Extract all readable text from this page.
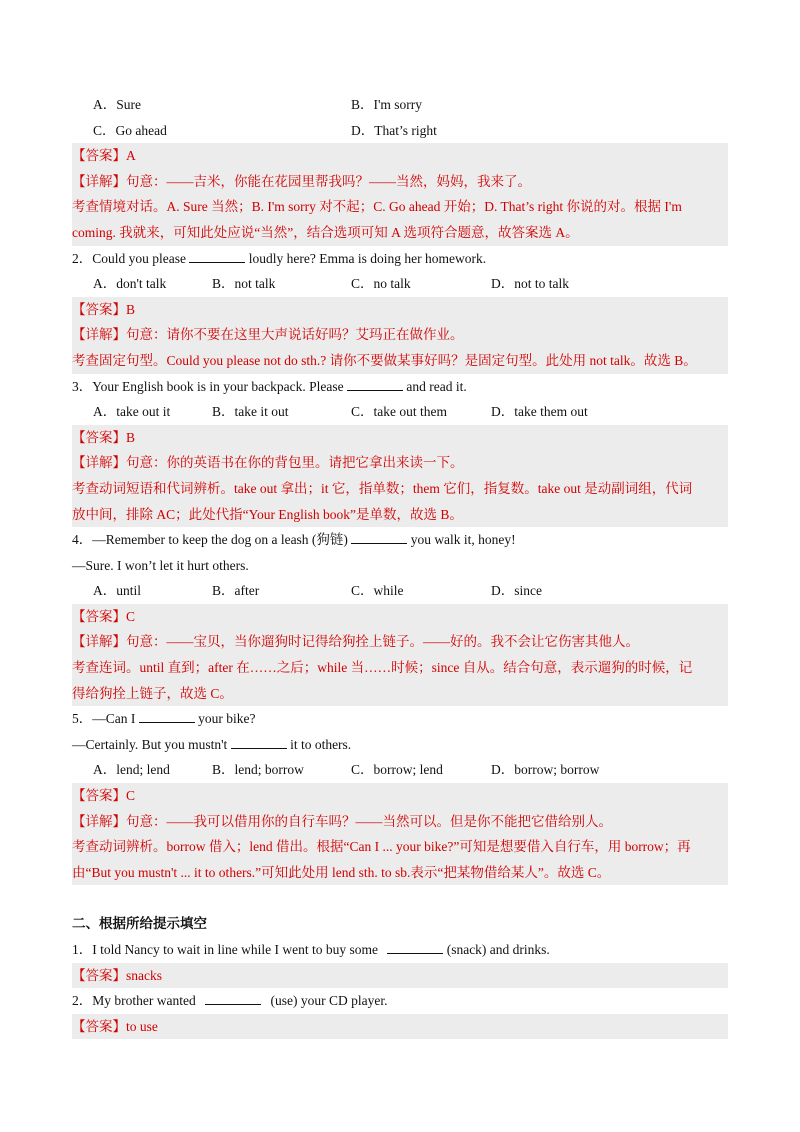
A．Sure	B．I'm sorry
C．Go ahead	D．That’s right
【答案】A
【详解】句意：——吉米，你能在花园里帮我吗？——当然，妈妈，我来了。
考查情境对话。A. Sure 当然；B. I'm sorry 对不起；C. Go ahead 开始；D. That’s right 你说的对。根据 I'm
coming. 我就来，可知此处应说“当然”，结合选项可知 A 选项符合题意，故答案选 A。
2．Could you please	loudly here? Emma is doing her homework.
A．don't talk	B．not talk	C．no talk	D．not to talk
【答案】B
【详解】句意：请你不要在这里大声说话好吗？艾玛正在做作业。
考查固定句型。Could you please not do sth.? 请你不要做某事好吗？是固定句型。此处用 not talk。故选 B。
3．Your English book is in your backpack. Please	and read it.
A．take out it	B．take it out	C．take out them	D．take them out
【答案】B
【详解】句意：你的英语书在你的背包里。请把它拿出来读一下。
考查动词短语和代词辨析。take out 拿出；it 它，指单数；them 它们，指复数。take out 是动副词组，代词
放中间，排除 AC；此处代指“Your English book”是单数，故选 B。
4．—Remember to keep the dog on a leash (狗链)	you walk it, honey!
—Sure. I won’t let it hurt others.
A．until	B．after	C．while	D．since
【答案】C
【详解】句意：——宝贝，当你遛狗时记得给狗拴上链子。——好的。我不会让它伤害其他人。
考查连词。until 直到；after 在……之后；while 当……时候；since 自从。结合句意，表示遛狗的时候，记
得给狗拴上链子，故选 C。
5．—Can I	your bike?
—Certainly. But you mustn't	it to others.
A．lend; lend	B．lend; borrow	C．borrow; lend	D．borrow; borrow
【答案】C
【详解】句意：——我可以借用你的自行车吗？——当然可以。但是你不能把它借给别人。
考查动词辨析。borrow 借入；lend 借出。根据“Can I ... your bike?”可知是想要借入自行车，用 borrow；再
由“But you mustn't ... it to others.”可知此处用 lend sth. to sb.表示“把某物借给某人”。故选 C。
二、根据所给提示填空
1．I told Nancy to wait in line while I went to buy some	(snack) and drinks.
【答案】snacks
2．My brother wanted	(use) your CD player.
【答案】to use
